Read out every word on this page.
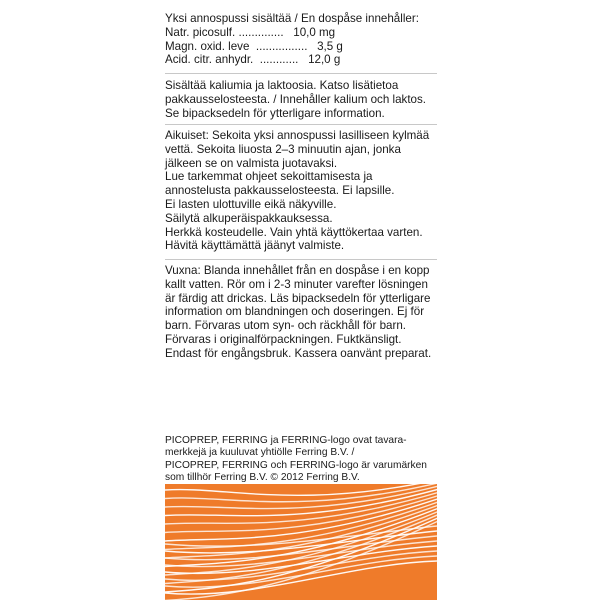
Yksi annospussi sisältää / En dospåse innehåller:
Natr. picosulf. .............. 10,0 mg
Magn. oxid. leve ................ 3,5 g
Acid. citr. anhydr. ............ 12,0 g
Sisältää kaliumia ja laktoosia. Katso lisätietoa
pakkausselosteesta. / Innehåller kalium och laktos.
Se bipacksedeln för ytterligare information.
Aikuiset: Sekoita yksi annospussi lasilliseen kylmää
vettä. Sekoita liuosta 2–3 minuutin ajan, jonka
jälkeen se on valmista juotavaksi.
Lue tarkemmat ohjeet sekoittamisesta ja
annostelusta pakkausselosteesta. Ei lapsille.
Ei lasten ulottuville eikä näkyville.
Säilytä alkuperäispakkauksessa.
Herkkä kosteudelle. Vain yhtä käyttökertaa varten.
Hävitä käyttämättä jäänyt valmiste.
Vuxna: Blanda innehållet från en dospåse i en kopp
kallt vatten. Rör om i 2-3 minuter varefter lösningen
är färdig att drickas. Läs bipacksedeln för ytterligare
information om blandningen och doseringen. Ej för
barn. Förvaras utom syn- och räckhåll för barn.
Förvaras i originalförpackningen. Fuktkänsligt.
Endast för engångsbruk. Kassera oanvänt preparat.
PICOPREP, FERRING ja FERRING-logo ovat tavara-
merkkejä ja kuuluvat yhtiölle Ferring B.V. /
PICOPREP, FERRING och FERRING-logo är varumärken
som tillhör Ferring B.V. © 2012 Ferring B.V.
